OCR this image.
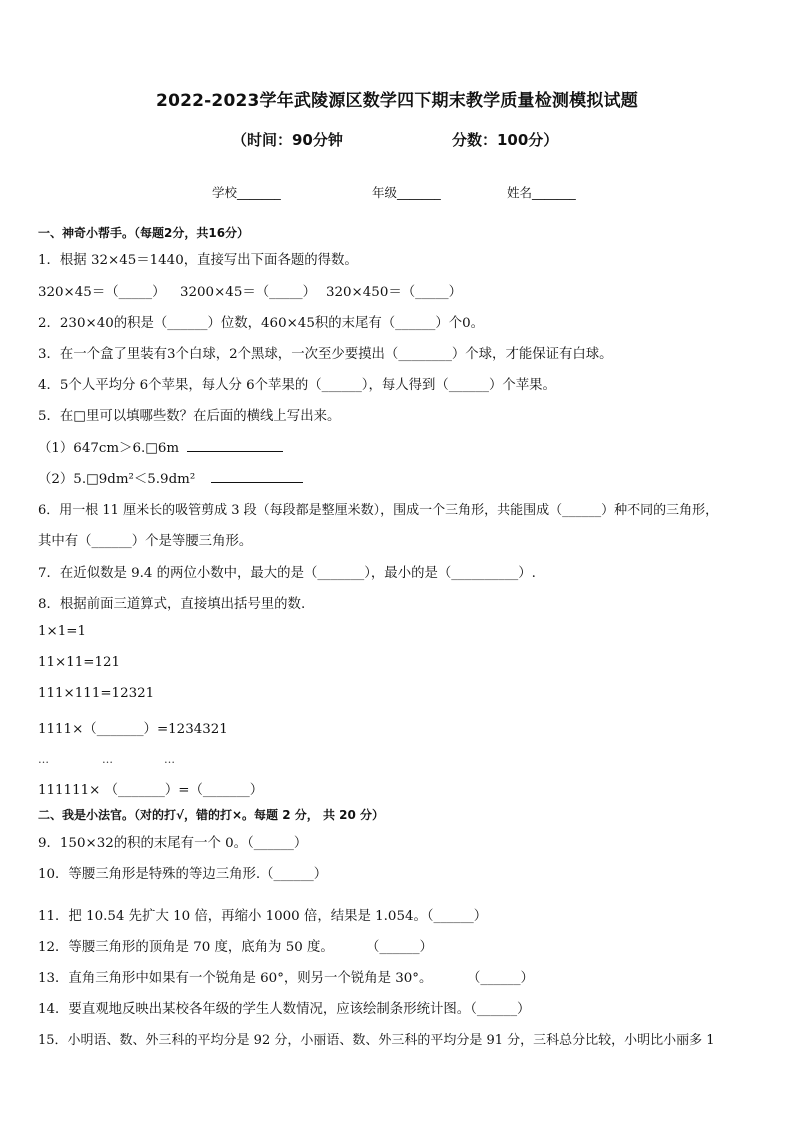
2022-2023学年武陵源区数学四下期末教学质量检测模拟试题
（时间：90分钟	分数：100分）
学校_______	年级_______	姓名_______
一、神奇小帮手。（每题2分，共16分）
1．根据 32×45＝1440，直接写出下面各题的得数。
320×45＝（_____） 3200×45＝（_____） 320×450＝（_____）
2．230×40的积是（______）位数，460×45积的末尾有（______）个0。
3．在一个盒了里装有3个白球，2个黑球，一次至少要摸出（________）个球，才能保证有白球。
4．5个人平均分 6个苹果，每人分 6个苹果的（______），每人得到（______）个苹果。
5．在□里可以填哪些数？在后面的横线上写出来。
（1）647cm＞6.□6m
（2）5.□9dm²＜5.9dm²
6．用一根 11 厘米长的吸管剪成 3 段（每段都是整厘米数），围成一个三角形，共能围成（______）种不同的三角形，
其中有（______）个是等腰三角形。
7．在近似数是 9.4 的两位小数中，最大的是（_______），最小的是（__________）.
8．根据前面三道算式，直接填出括号里的数.
1×1=1
11×11=121
111×111=12321
1111×（_______）=1234321
…	…	…
111111× （_______）=（_______）
二、我是小法官。（对的打√，错的打×。每题 2 分， 共 20 分）
9．150×32的积的末尾有一个 0。（______）
10．等腰三角形是特殊的等边三角形.（______）
11．把 10.54 先扩大 10 倍，再缩小 1000 倍，结果是 1.054。（______）
12．等腰三角形的顶角是 70 度，底角为 50 度。 （______）
13．直角三角形中如果有一个锐角是 60°，则另一个锐角是 30°。	（______）
14．要直观地反映出某校各年级的学生人数情况，应该绘制条形统计图。（______）
15．小明语、数、外三科的平均分是 92 分，小丽语、数、外三科的平均分是 91 分，三科总分比较，小明比小丽多 1
